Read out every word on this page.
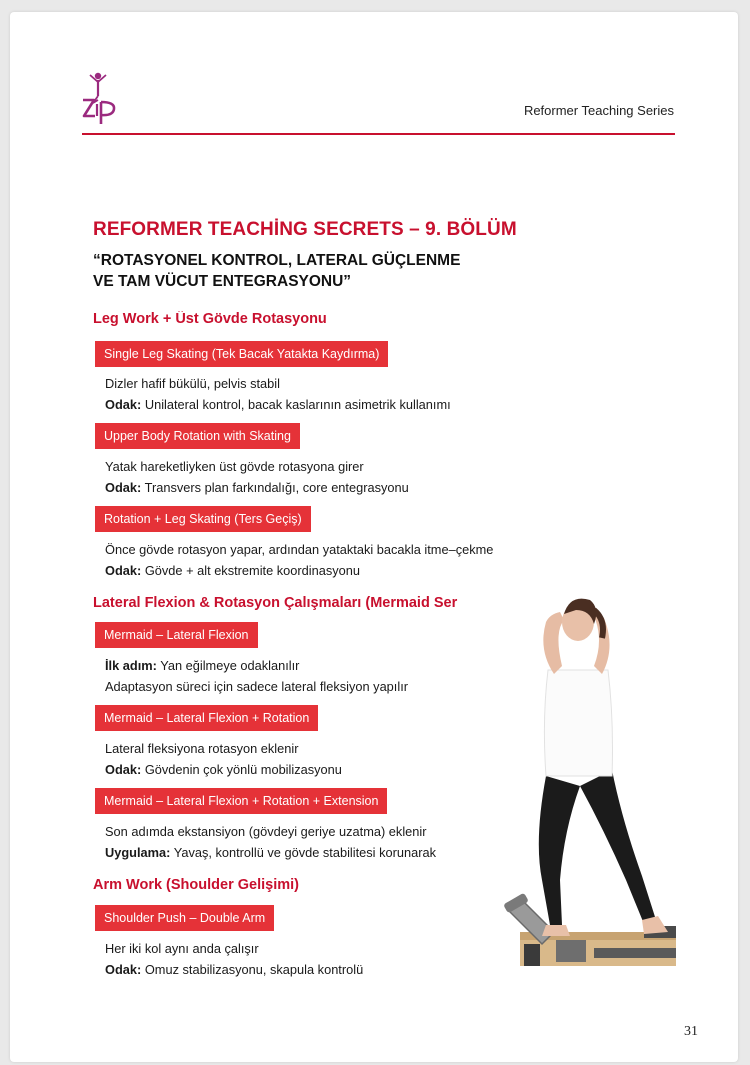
Reformer Teaching Series
REFORMER TEACHİNG SECRETS – 9. BÖLÜM
“ROTASYONEL KONTROL, LATERAL GÜÇLENME
VE TAM VÜCUT ENTEGRASYONU”
Leg Work + Üst Gövde Rotasyonu
Single Leg Skating (Tek Bacak Yatakta Kaydırma)
Dizler hafif bükülü, pelvis stabil
Odak: Unilateral kontrol, bacak kaslarının asimetrik kullanımı
Upper Body Rotation with Skating
Yatak hareketliyken üst gövde rotasyona girer
Odak: Transvers plan farkındalığı, core entegrasyonu
Rotation + Leg Skating (Ters Geçiş)
Önce gövde rotasyon yapar, ardından yataktaki bacakla itme–çekme
Odak: Gövde + alt ekstremite koordinasyonu
Lateral Flexion & Rotasyon Çalışmaları (Mermaid Ser
Mermaid – Lateral Flexion
İlk adım: Yan eğilmeye odaklanılır
Adaptasyon süreci için sadece lateral fleksiyon yapılır
Mermaid – Lateral Flexion + Rotation
Lateral fleksiyona rotasyon eklenir
Odak: Gövdenin çok yönlü mobilizasyonu
Mermaid – Lateral Flexion + Rotation + Extension
Son adımda ekstansiyon (gövdeyi geriye uzatma) eklenir
Uygulama: Yavaş, kontrollü ve gövde stabilitesi korunarak
Arm Work (Shoulder Gelişimi)
Shoulder Push – Double Arm
Her iki kol aynı anda çalışır
Odak: Omuz stabilizasyonu, skapula kontrolü
31
